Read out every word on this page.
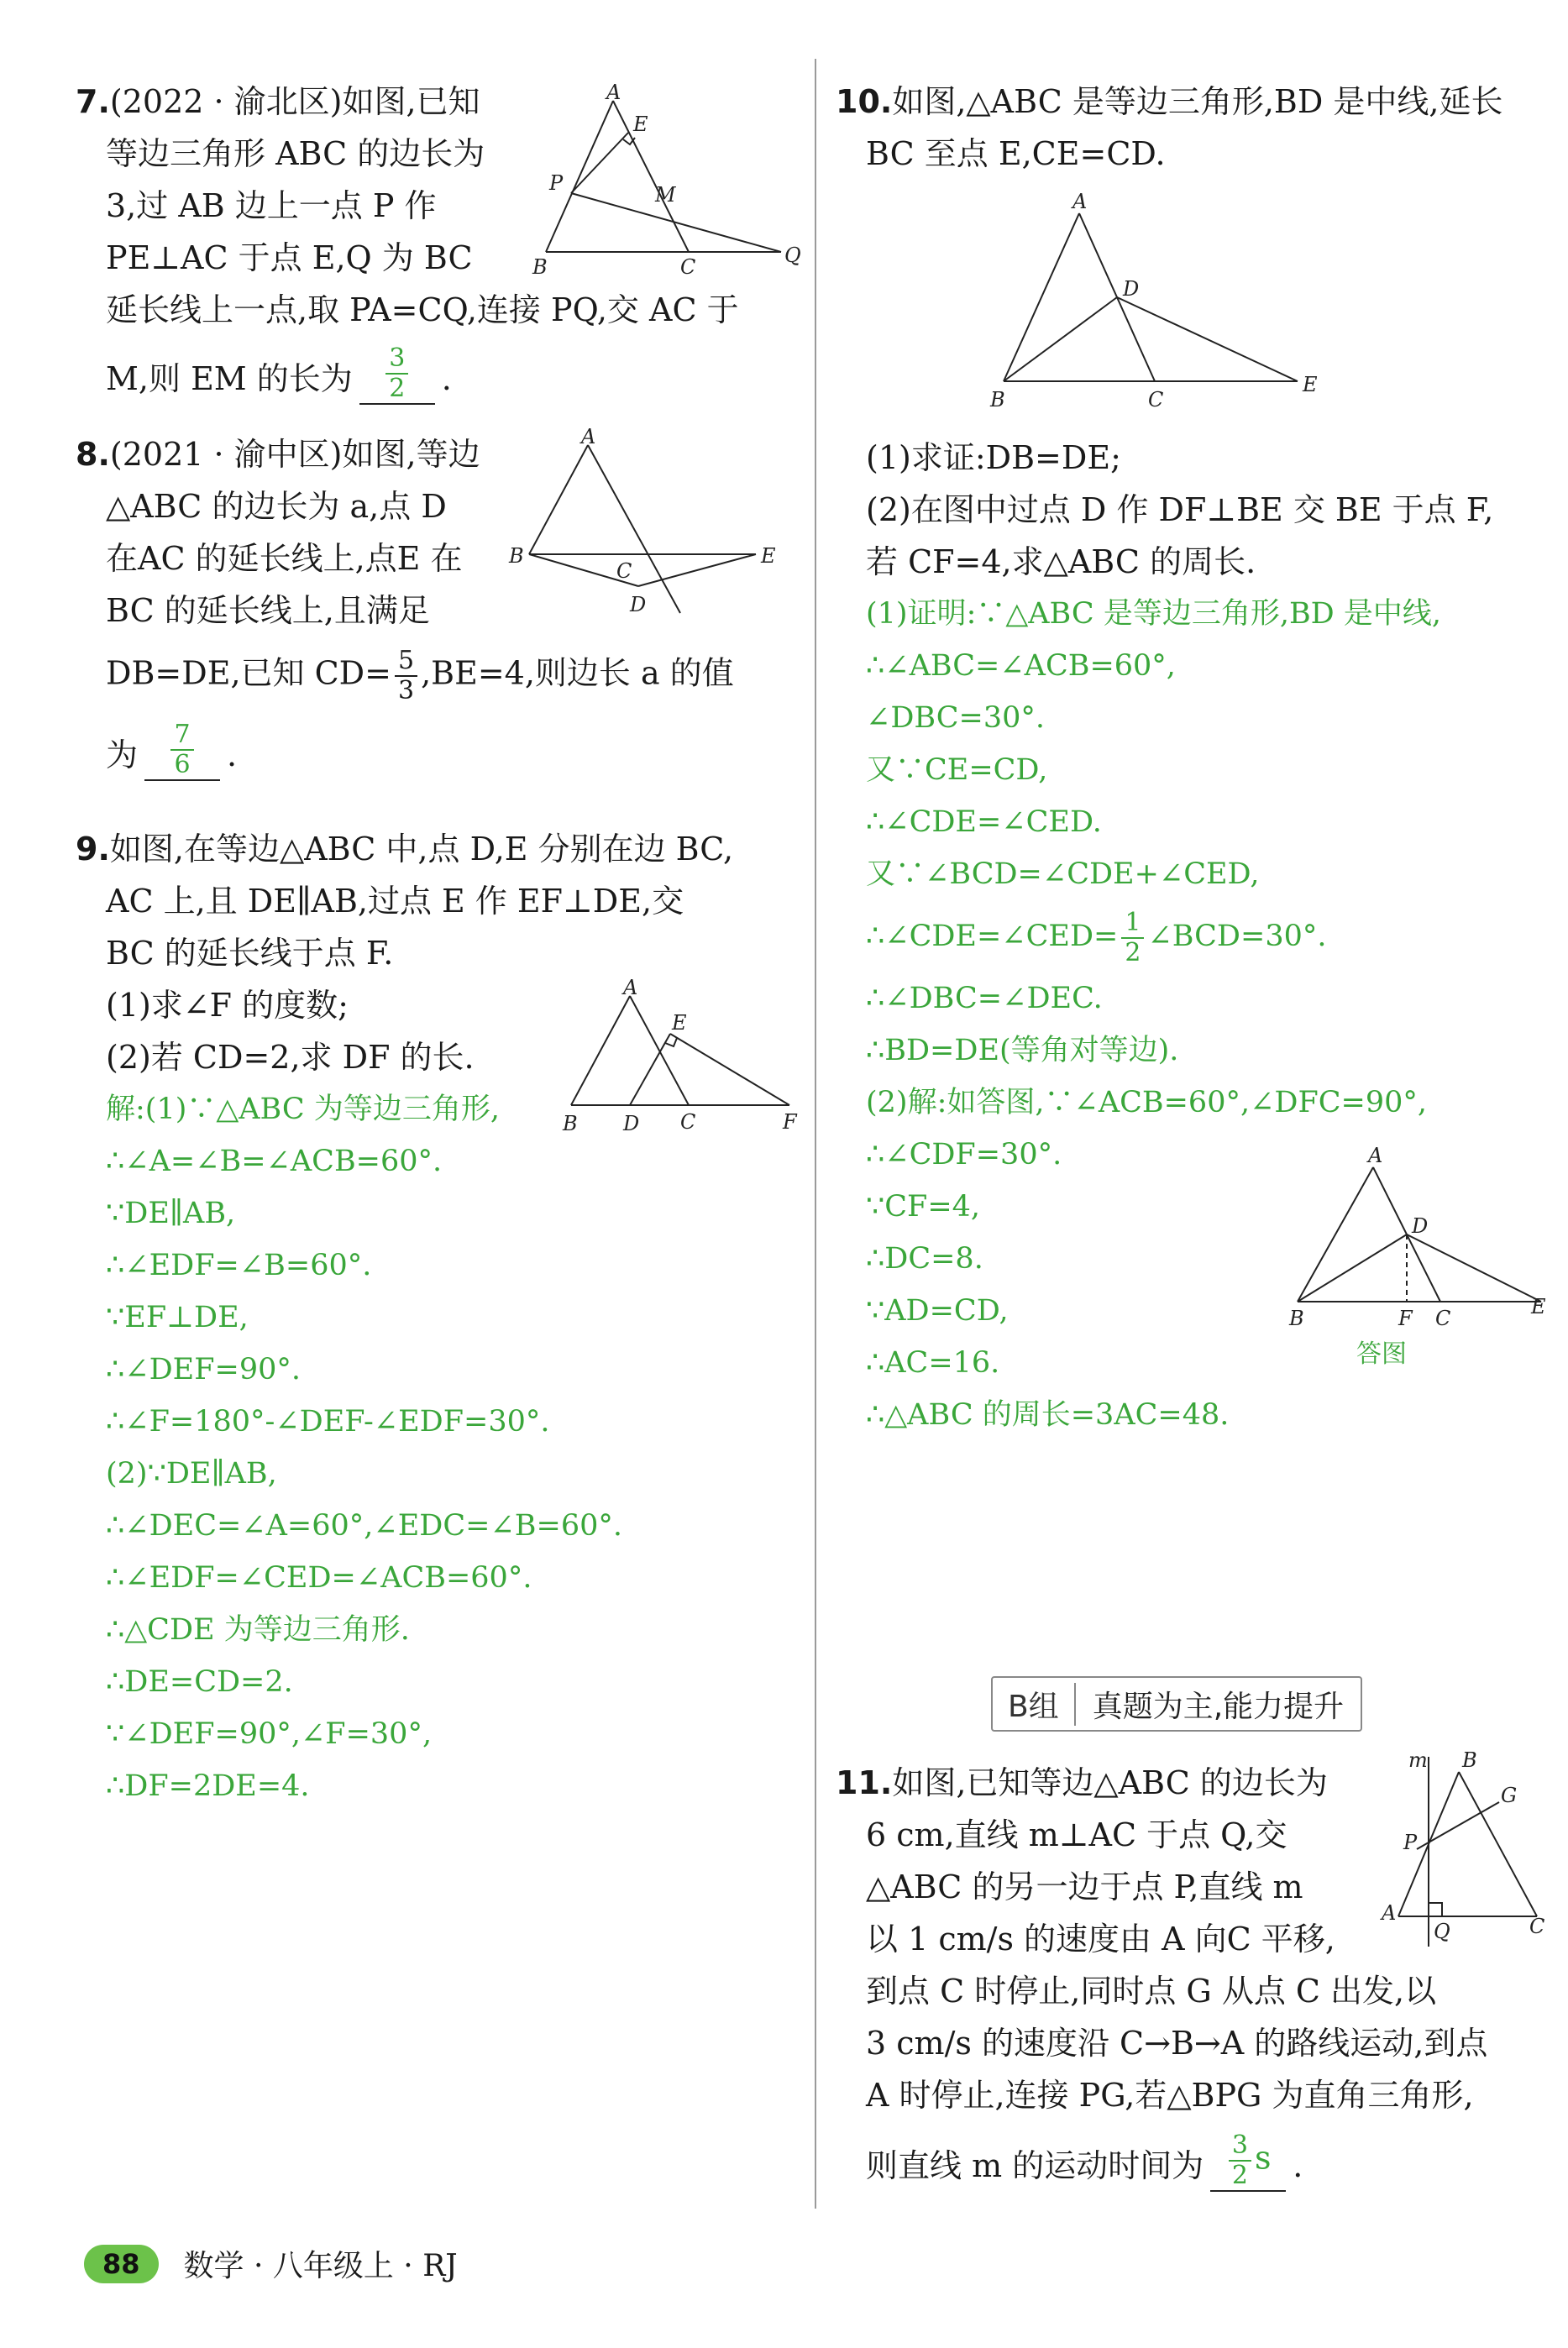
7.(2022 · 渝北区)如图,已知
等边三角形 ABC 的边长为
3,过 AB 边上一点 P 作
PE⊥AC 于点 E,Q 为 BC
延长线上一点,取 PA=CQ,连接 PQ,交 AC 于
M,则 EM 的长为 $\frac{3}{2}$ .
A
E
P	M
B	C	Q
8.(2021 · 渝中区)如图,等边
△ABC 的边长为 a,点 D
在AC 的延长线上,点E 在
BC 的延长线上,且满足
DB=DE,已知 $CD= \frac{5}{3} ,BE=4$,则边长 a 的值
为 $\frac{7}{6}$ .
A
B
C
D
E
9.如图,在等边△ABC 中,点 D,E 分别在边 BC,
AC 上,且 DE∥AB,过点 E 作 EF⊥DE,交
BC 的延长线于点 F.
(1)求∠F 的度数;
(2)若 CD=2,求 DF 的长.
解:(1)∵△ABC 为等边三角形,
∴∠A=∠B=∠ACB=60°.
∵DE∥AB,
∴∠EDF=∠B=60°.
∵EF⊥DE,
∴∠DEF=90°.
∴∠F=180°-∠DEF-∠EDF=30°.
(2)∵DE∥AB,
∴∠DEC=∠A=60°,∠EDC=∠B=60°.
∴∠EDF=∠CED=∠ACB=60°.
∴△CDE 为等边三角形.
∴DE=CD=2.
∵∠DEF=90°,∠F=30°,
∴DF=2DE=4.
A
E
B D C	F
10.如图,△ABC 是等边三角形,BD 是中线,延长
BC 至点 E,CE=CD.
A
D
B	C
E
(1)求证:DB=DE;
(2)在图中过点 D 作 DF⊥BE 交 BE 于点 F,
若 CF=4,求△ABC 的周长.
(1)证明:∵△ABC 是等边三角形,BD 是中线,
∴∠ABC=∠ACB=60°,
∠DBC=30°.
又∵CE=CD,
∴∠CDE=∠CED.
又∵∠BCD=∠CDE+∠CED,
∴∠CDE=∠CED= $\frac{1}{2}$ ∠BCD=30°.
∴∠DBC=∠DEC.
∴BD=DE(等角对等边).
(2)解:如答图,∵∠ACB=60°,∠DFC=90°,
∴∠CDF=30°.
∵CF=4,
∴DC=8.
∵AD=CD,
∴AC=16.
∴△ABC 的周长=3AC=48.
A
D
B	F C	E
答图
B组	真题为主,能力提升
11.如图,已知等边△ABC 的边长为
6 cm,直线 m⊥AC 于点 Q,交
△ABC 的另一边于点 P,直线 m
以 1 cm/s 的速度由 A 向C 平移,
到点 C 时停止,同时点 G 从点 C 出发,以
3 cm/s 的速度沿 C→B→A 的路线运动,到点
A 时停止,连接 PG,若△BPG 为直角三角形,
则直线 m 的运动时间为 $\frac{3}{2}$ s .
m B
G
P
A
Q	C
88	数学 · 八年级上 · RJ
